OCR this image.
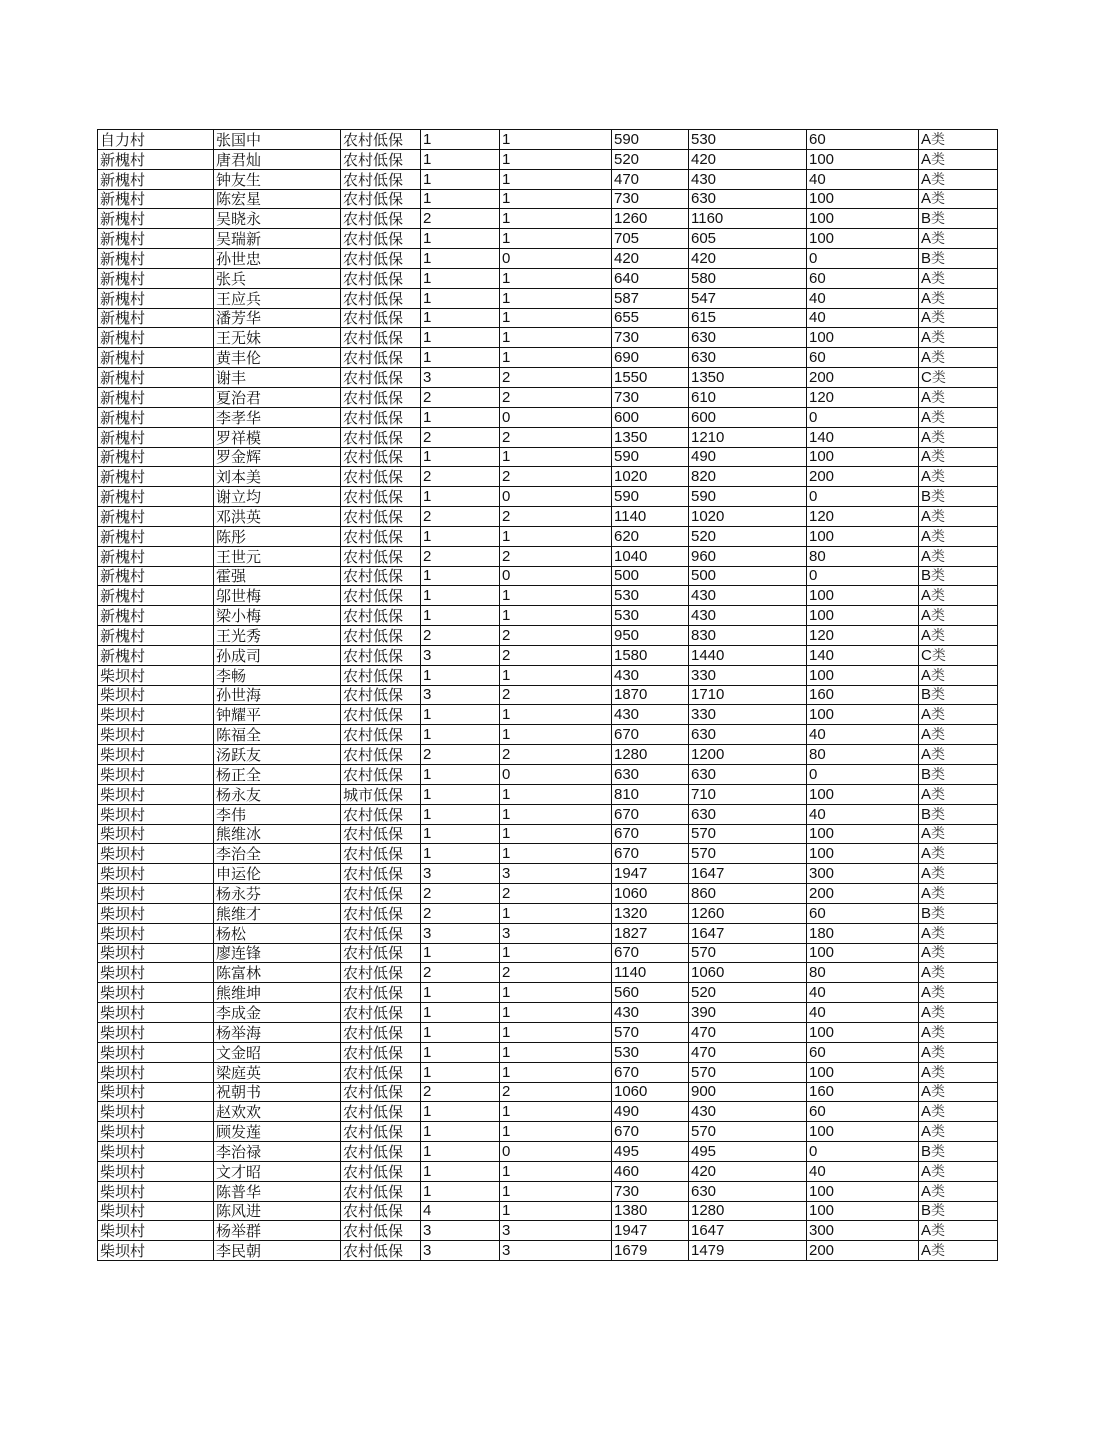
自力村	张国中	农村低保	1	1	590	530	60	A类
新槐村	唐君灿	农村低保	1	1	520	420	100	A类
新槐村	钟友生	农村低保	1	1	470	430	40	A类
新槐村	陈宏星	农村低保	1	1	730	630	100	A类
新槐村	吴晓永	农村低保	2	1	1260	1160	100	B类
新槐村	吴瑞新	农村低保	1	1	705	605	100	A类
新槐村	孙世忠	农村低保	1	0	420	420	0	B类
新槐村	张兵	农村低保	1	1	640	580	60	A类
新槐村	王应兵	农村低保	1	1	587	547	40	A类
新槐村	潘芳华	农村低保	1	1	655	615	40	A类
新槐村	王无妹	农村低保	1	1	730	630	100	A类
新槐村	黄丰伦	农村低保	1	1	690	630	60	A类
新槐村	谢丰	农村低保	3	2	1550	1350	200	C类
新槐村	夏治君	农村低保	2	2	730	610	120	A类
新槐村	李孝华	农村低保	1	0	600	600	0	A类
新槐村	罗祥模	农村低保	2	2	1350	1210	140	A类
新槐村	罗金辉	农村低保	1	1	590	490	100	A类
新槐村	刘本美	农村低保	2	2	1020	820	200	A类
新槐村	谢立均	农村低保	1	0	590	590	0	B类
新槐村	邓洪英	农村低保	2	2	1140	1020	120	A类
新槐村	陈彤	农村低保	1	1	620	520	100	A类
新槐村	王世元	农村低保	2	2	1040	960	80	A类
新槐村	霍强	农村低保	1	0	500	500	0	B类
新槐村	邬世梅	农村低保	1	1	530	430	100	A类
新槐村	梁小梅	农村低保	1	1	530	430	100	A类
新槐村	王光秀	农村低保	2	2	950	830	120	A类
新槐村	孙成司	农村低保	3	2	1580	1440	140	C类
柴坝村	李畅	农村低保	1	1	430	330	100	A类
柴坝村	孙世海	农村低保	3	2	1870	1710	160	B类
柴坝村	钟耀平	农村低保	1	1	430	330	100	A类
柴坝村	陈福全	农村低保	1	1	670	630	40	A类
柴坝村	汤跃友	农村低保	2	2	1280	1200	80	A类
柴坝村	杨正全	农村低保	1	0	630	630	0	B类
柴坝村	杨永友	城市低保	1	1	810	710	100	A类
柴坝村	李伟	农村低保	1	1	670	630	40	B类
柴坝村	熊维冰	农村低保	1	1	670	570	100	A类
柴坝村	李治全	农村低保	1	1	670	570	100	A类
柴坝村	申运伦	农村低保	3	3	1947	1647	300	A类
柴坝村	杨永芬	农村低保	2	2	1060	860	200	A类
柴坝村	熊维才	农村低保	2	1	1320	1260	60	B类
柴坝村	杨松	农村低保	3	3	1827	1647	180	A类
柴坝村	廖连锋	农村低保	1	1	670	570	100	A类
柴坝村	陈富林	农村低保	2	2	1140	1060	80	A类
柴坝村	熊维坤	农村低保	1	1	560	520	40	A类
柴坝村	李成金	农村低保	1	1	430	390	40	A类
柴坝村	杨举海	农村低保	1	1	570	470	100	A类
柴坝村	文金昭	农村低保	1	1	530	470	60	A类
柴坝村	梁庭英	农村低保	1	1	670	570	100	A类
柴坝村	祝朝书	农村低保	2	2	1060	900	160	A类
柴坝村	赵欢欢	农村低保	1	1	490	430	60	A类
柴坝村	顾发莲	农村低保	1	1	670	570	100	A类
柴坝村	李治禄	农村低保	1	0	495	495	0	B类
柴坝村	文才昭	农村低保	1	1	460	420	40	A类
柴坝村	陈普华	农村低保	1	1	730	630	100	A类
柴坝村	陈风进	农村低保	4	1	1380	1280	100	B类
柴坝村	杨举群	农村低保	3	3	1947	1647	300	A类
柴坝村	李民朝	农村低保	3	3	1679	1479	200	A类
